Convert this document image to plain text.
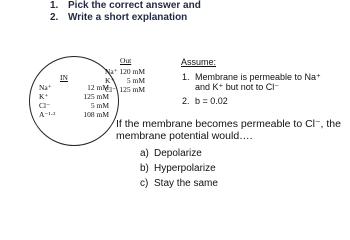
1. Pick the correct answer and
2. Write a short explanation
IN
Na⁺	12 mM
K⁺	125 mM
Cl⁻	5 mM
A⁻¹·²	108 mM
Out
Na⁺ 120 mM
K⁺ 5 mM
Cl⁻ 125 mM
Assume:
1. Membrane is permeable to Na⁺
and K⁺ but not to Cl⁻
2. b = 0.02
If the membrane becomes permeable to Cl⁻, the membrane potential would….
a) Depolarize
b) Hyperpolarize
c) Stay the same
